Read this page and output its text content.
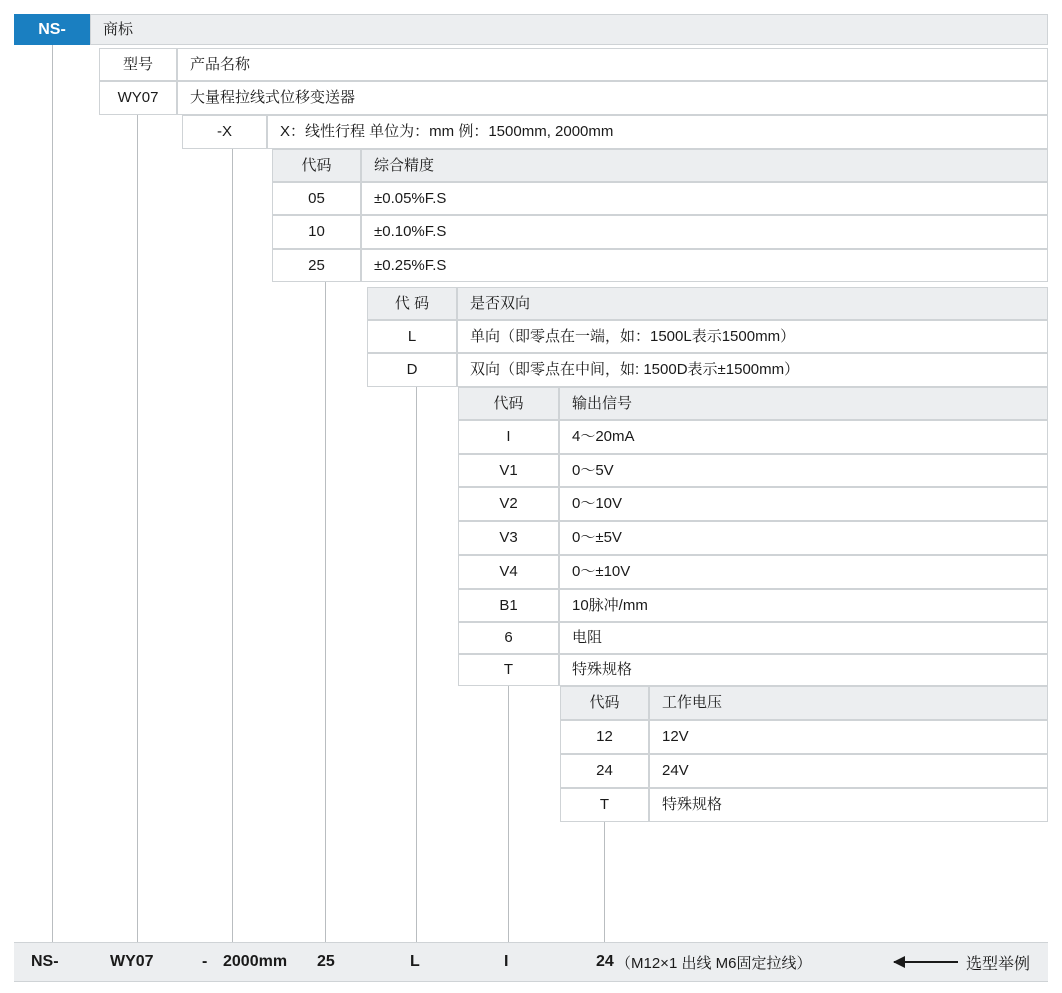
NS- 商标
型号 产品名称
WY07 大量程拉线式位移变送器
-X	X：线性行程 单位为：mm 例：1500mm, 2000mm
代码	综合精度
05	±0.05%F.S
10	±0.10%F.S
25	±0.25%F.S
代 码	是否双向
L	单向（即零点在一端，如：1500L表示1500mm）
D	双向（即零点在中间，如: 1500D表示±1500mm）
代码	输出信号
I	4～20mA
V1	0～5V
V2	0～10V
V3	0～±5V
V4	0～±10V
B1	10脉冲/mm
6	电阻
T	特殊规格
代码	工作电压
12	12V
24	24V
T	特殊规格
NS-	WY07	- 2000mm 25	L	I	24 （M12×1 出线 M6固定拉线）	选型举例
